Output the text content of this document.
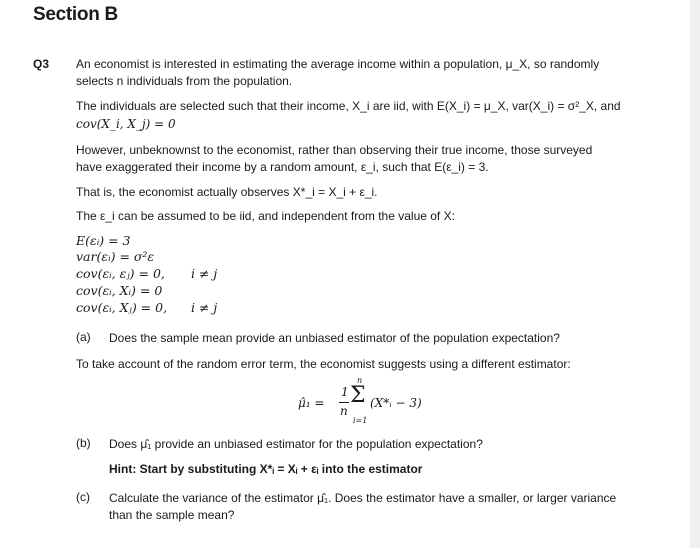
Section B
Q3 An economist is interested in estimating the average income within a population, μ_X, so randomly
selects n individuals from the population.
The individuals are selected such that their income, X_i are iid, with E(X_i) = μ_X, var(X_i) = σ²_X, and
cov(X_i, X_j) = 0
However, unbeknownst to the economist, rather than observing their true income, those surveyed
have exaggerated their income by a random amount, ε_i, such that E(ε_i) = 3.
That is, the economist actually observes X*_i = X_i + ε_i.
The ε_i can be assumed to be iid, and independent from the value of X:
E(εᵢ) = 3
var(εᵢ) = σ²ε
cov(εᵢ, εⱼ) = 0, i ≠ j
cov(εᵢ, Xᵢ) = 0
cov(εᵢ, Xⱼ) = 0, i ≠ j
(a) Does the sample mean provide an unbiased estimator of the population expectation?
To take account of the random error term, the economist suggests using a different estimator:
μ̂₁ =
1
n
n
Σ
i=1
(X*ᵢ − 3)
(b) Does μ̂₁ provide an unbiased estimator for the population expectation?
Hint: Start by substituting X*ᵢ = Xᵢ + εᵢ into the estimator
(c) Calculate the variance of the estimator μ̂₁. Does the estimator have a smaller, or larger variance
than the sample mean?
